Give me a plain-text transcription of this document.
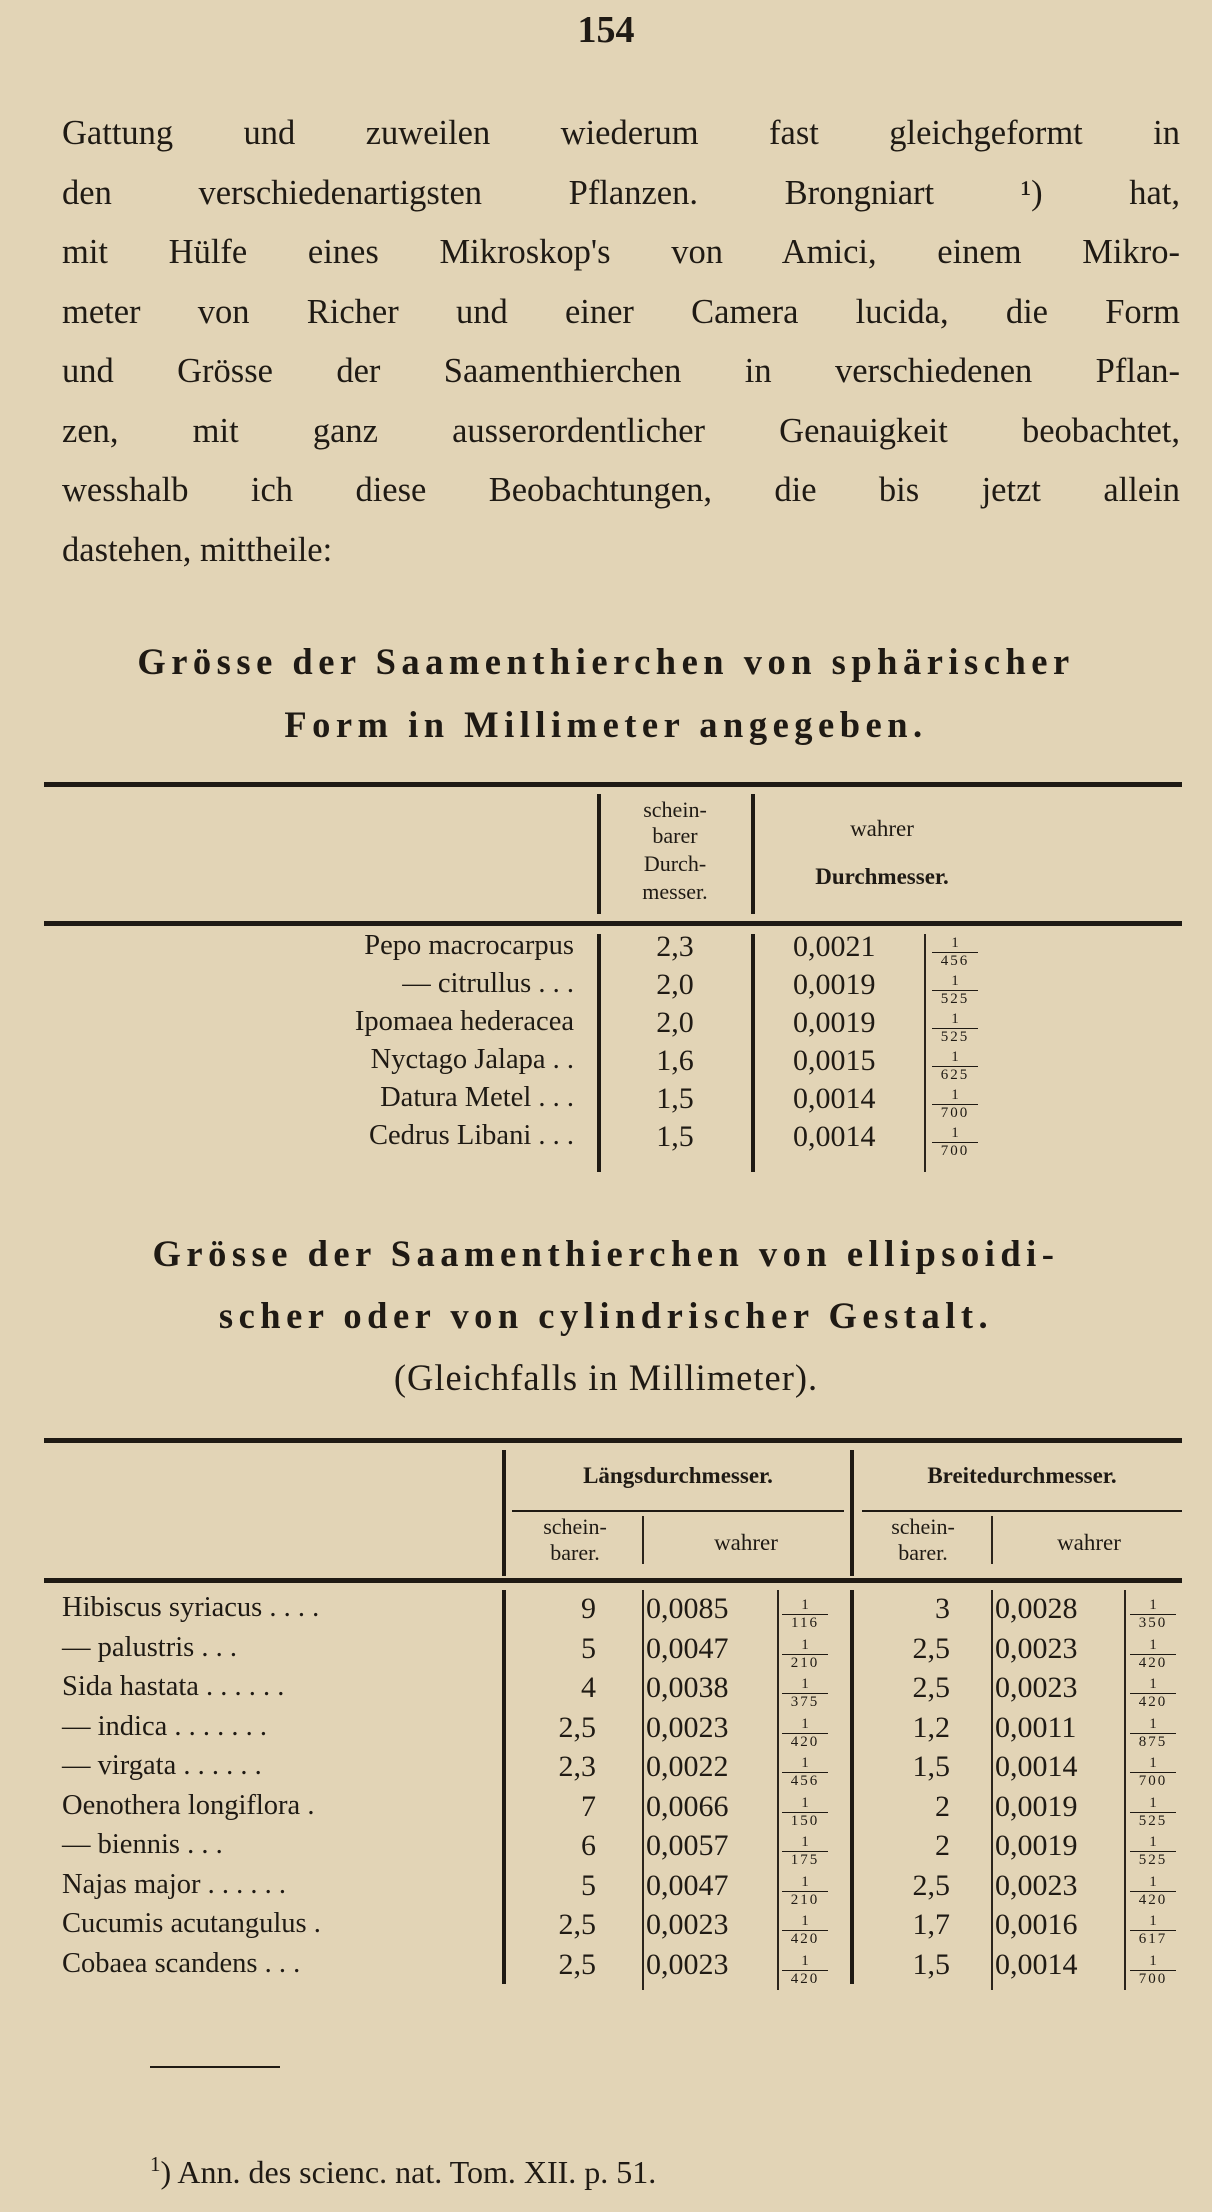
154
Gattung und zuweilen wiederum fast gleichgeformt in
den verschiedenartigsten Pflanzen. Brongniart ¹) hat,
mit Hülfe eines Mikroskop's von Amici, einem Mikro-
meter von Richer und einer Camera lucida, die Form
und Grösse der Saamenthierchen in verschiedenen Pflan-
zen, mit ganz ausserordentlicher Genauigkeit beobachtet,
wesshalb ich diese Beobachtungen, die bis jetzt allein
dastehen, mittheile:
Grösse der Saamenthierchen von sphärischer
Form in Millimeter angegeben.
schein-
barer
Durch-
messer.
wahrer
Durchmesser.
Pepo macrocarpus	2,3	0,0021	$\frac{1}{456}$
— citrullus . . .	2,0	0,0019	$\frac{1}{525}$
Ipomaea hederacea	2,0	0,0019	$\frac{1}{525}$
Nyctago Jalapa . .	1,6	0,0015	$\frac{1}{625}$
Datura Metel . . .	1,5	0,0014	$\frac{1}{700}$
Cedrus Libani . . .	1,5	0,0014	$\frac{1}{700}$
Grösse der Saamenthierchen von ellipsoidi-
scher oder von cylindrischer Gestalt.
(Gleichfalls in Millimeter).
Längsdurchmesser.	Breitedurchmesser.
schein-
barer.	wahrer
schein-
barer.	wahrer
Hibiscus syriacus . . . .	9 0,0085	$\frac{1}{116}$	3 0,0028	$\frac{1}{350}$
— palustris . . .	5 0,0047	$\frac{1}{210}$	2,5 0,0023	$\frac{1}{420}$
Sida hastata . . . . . .	4 0,0038	$\frac{1}{375}$	2,5 0,0023	$\frac{1}{420}$
— indica . . . . . . .	2,5 0,0023	$\frac{1}{420}$	1,2 0,0011	$\frac{1}{875}$
— virgata . . . . . .	2,3 0,0022	$\frac{1}{456}$	1,5 0,0014	$\frac{1}{700}$
Oenothera longiflora .	7 0,0066	$\frac{1}{150}$	2 0,0019	$\frac{1}{525}$
— biennis . . .	6 0,0057	$\frac{1}{175}$	2 0,0019	$\frac{1}{525}$
Najas major . . . . . .	5 0,0047	$\frac{1}{210}$	2,5 0,0023	$\frac{1}{420}$
Cucumis acutangulus .	2,5 0,0023	$\frac{1}{420}$	1,7 0,0016	$\frac{1}{617}$
Cobaea scandens . . .	2,5 0,0023	$\frac{1}{420}$	1,5 0,0014	$\frac{1}{700}$
$^1$) Ann. des scienc. nat. Tom. XII. p. 51.
